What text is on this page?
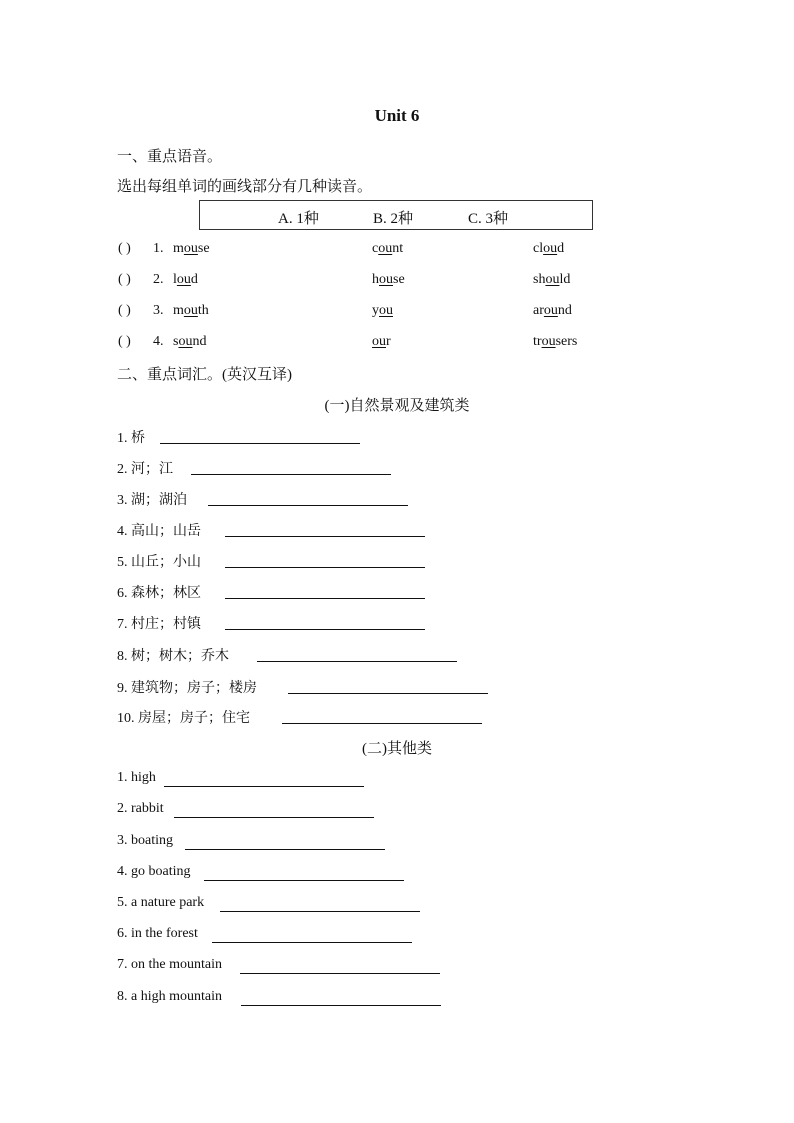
Unit 6
一、重点语音。
选出每组单词的画线部分有几种读音。
A. 1种	B. 2种	C. 3种
( ) 1. mouse	count	cloud
( ) 2. loud	house	should
( ) 3. mouth	you	around
( ) 4. sound	our	trousers
二、重点词汇。(英汉互译)
(一)自然景观及建筑类
1. 桥
2. 河；江
3. 湖；湖泊
4. 高山；山岳
5. 山丘；小山
6. 森林；林区
7. 村庄；村镇
8. 树；树木；乔木
9. 建筑物；房子；楼房
10. 房屋；房子；住宅
(二)其他类
1. high
2. rabbit
3. boating
4. go boating
5. a nature park
6. in the forest
7. on the mountain
8. a high mountain
